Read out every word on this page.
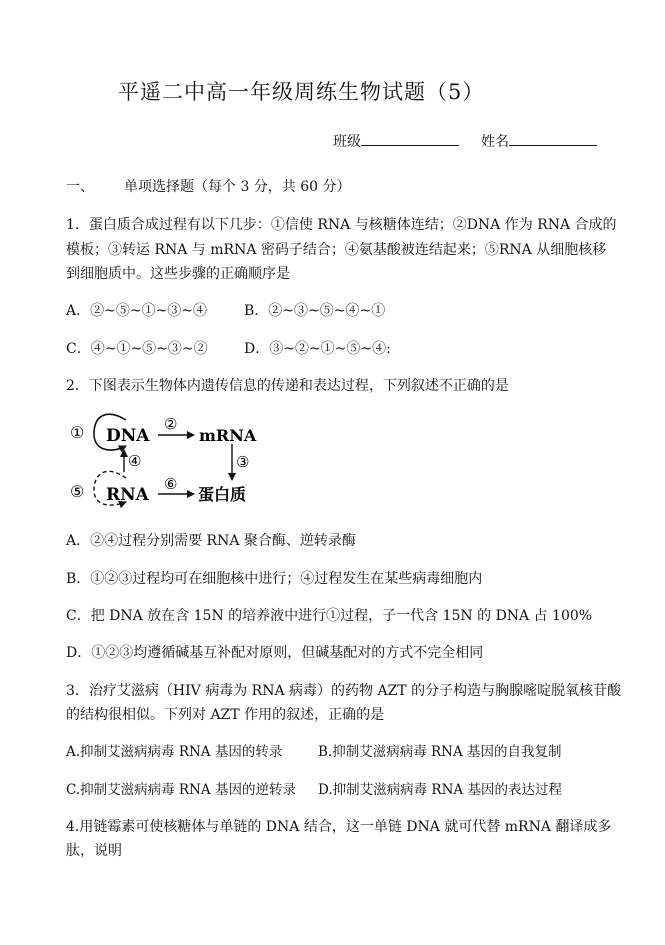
平遥二中高一年级周练生物试题（5）
班级	姓名
一、 单项选择题（每个 3 分，共 60 分）
1．蛋白质合成过程有以下几步：①信使 RNA 与核糖体连结；②DNA 作为 RNA 合成的
模板；③转运 RNA 与 mRNA 密码子结合；④氨基酸被连结起来；⑤RNA 从细胞核移
到细胞质中。这些步骤的正确顺序是
A．②~⑤~①~③~④	B．②~③~⑤~④~①
C．④~①~⑤~③~②	D．③~②~①~⑤~④:
2．下图表示生物体内遗传信息的传递和表达过程，下列叙述不正确的是
DNA	mRNA
RNA	蛋白质
①	②
③
④
⑤	⑥
A．②④过程分别需要 RNA 聚合酶、逆转录酶
B．①②③过程均可在细胞核中进行；④过程发生在某些病毒细胞内
C．把 DNA 放在含 15N 的培养液中进行①过程，子一代含 15N 的 DNA 占 100%
D．①②③均遵循碱基互补配对原则，但碱基配对的方式不完全相同
3．治疗艾滋病（HIV 病毒为 RNA 病毒）的药物 AZT 的分子构造与胸腺嘧啶脱氧核苷酸
的结构很相似。下列对 AZT 作用的叙述，正确的是
A.抑制艾滋病病毒 RNA 基因的转录	B.抑制艾滋病病毒 RNA 基因的自我复制
C.抑制艾滋病病毒 RNA 基因的逆转录 D.抑制艾滋病病毒 RNA 基因的表达过程
4.用链霉素可使核糖体与单链的 DNA 结合，这一单链 DNA 就可代替 mRNA 翻译成多
肽，说明
